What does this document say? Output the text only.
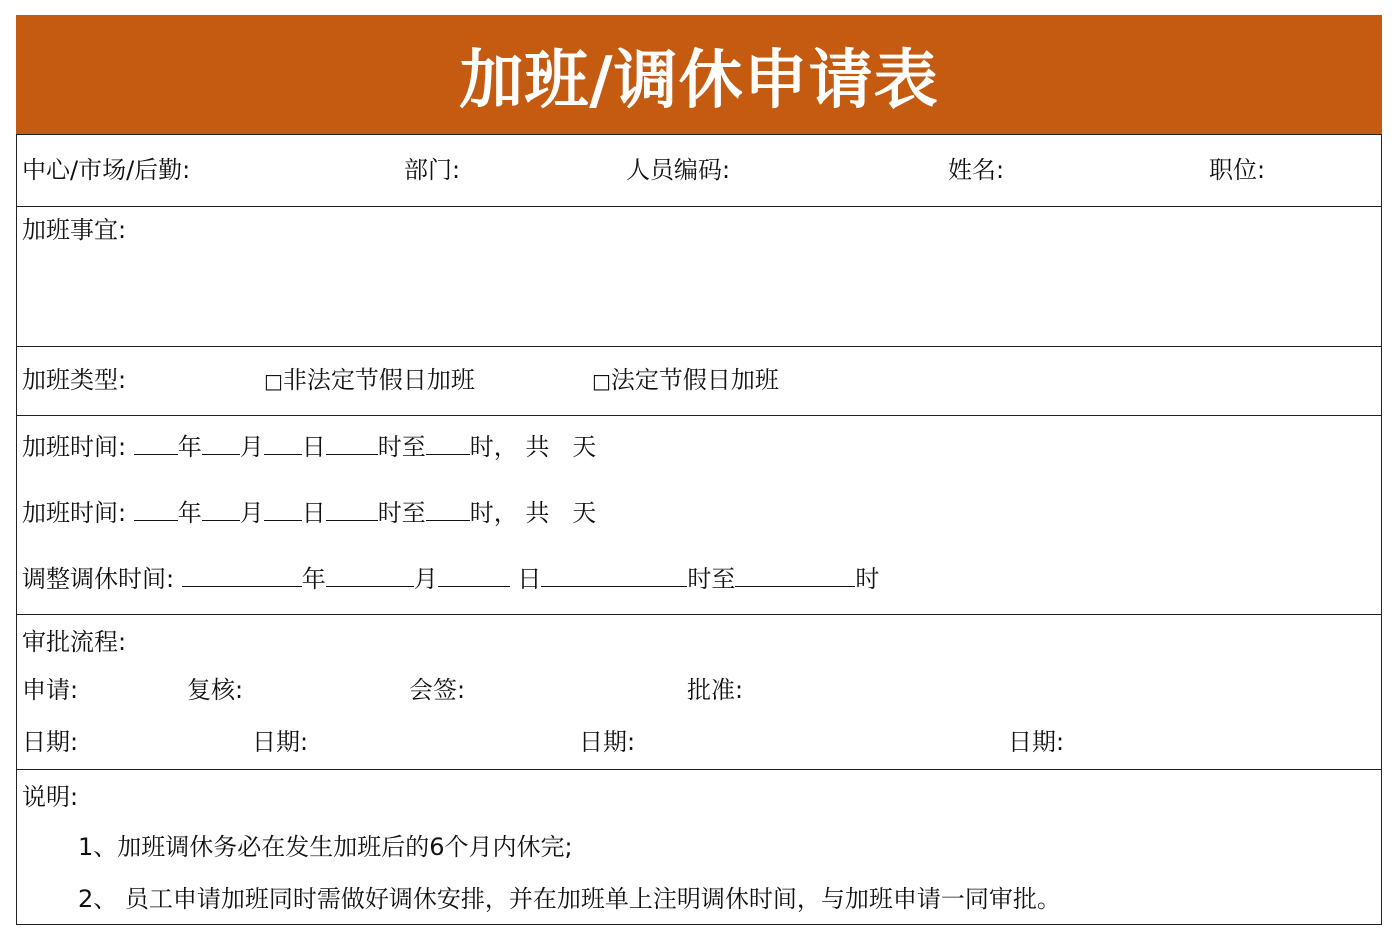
加班/调休申请表
中心/市场/后勤:	部门:	人员编码:	姓名:	职位:
加班事宜:
加班类型:	□非法定节假日加班	□法定节假日加班
加班时间: 年 月 日 时至 时， 共 天
加班时间: 年 月 日 时至 时， 共 天
调整调休时间:	年	月	日	时至	时
审批流程:
申请:	复核:	会签:	批准:
日期:	日期:	日期:	日期:
说明:
1、加班调休务必在发生加班后的6个月内休完;
2、 员工申请加班同时需做好调休安排，并在加班单上注明调休时间，与加班申请一同审批。
